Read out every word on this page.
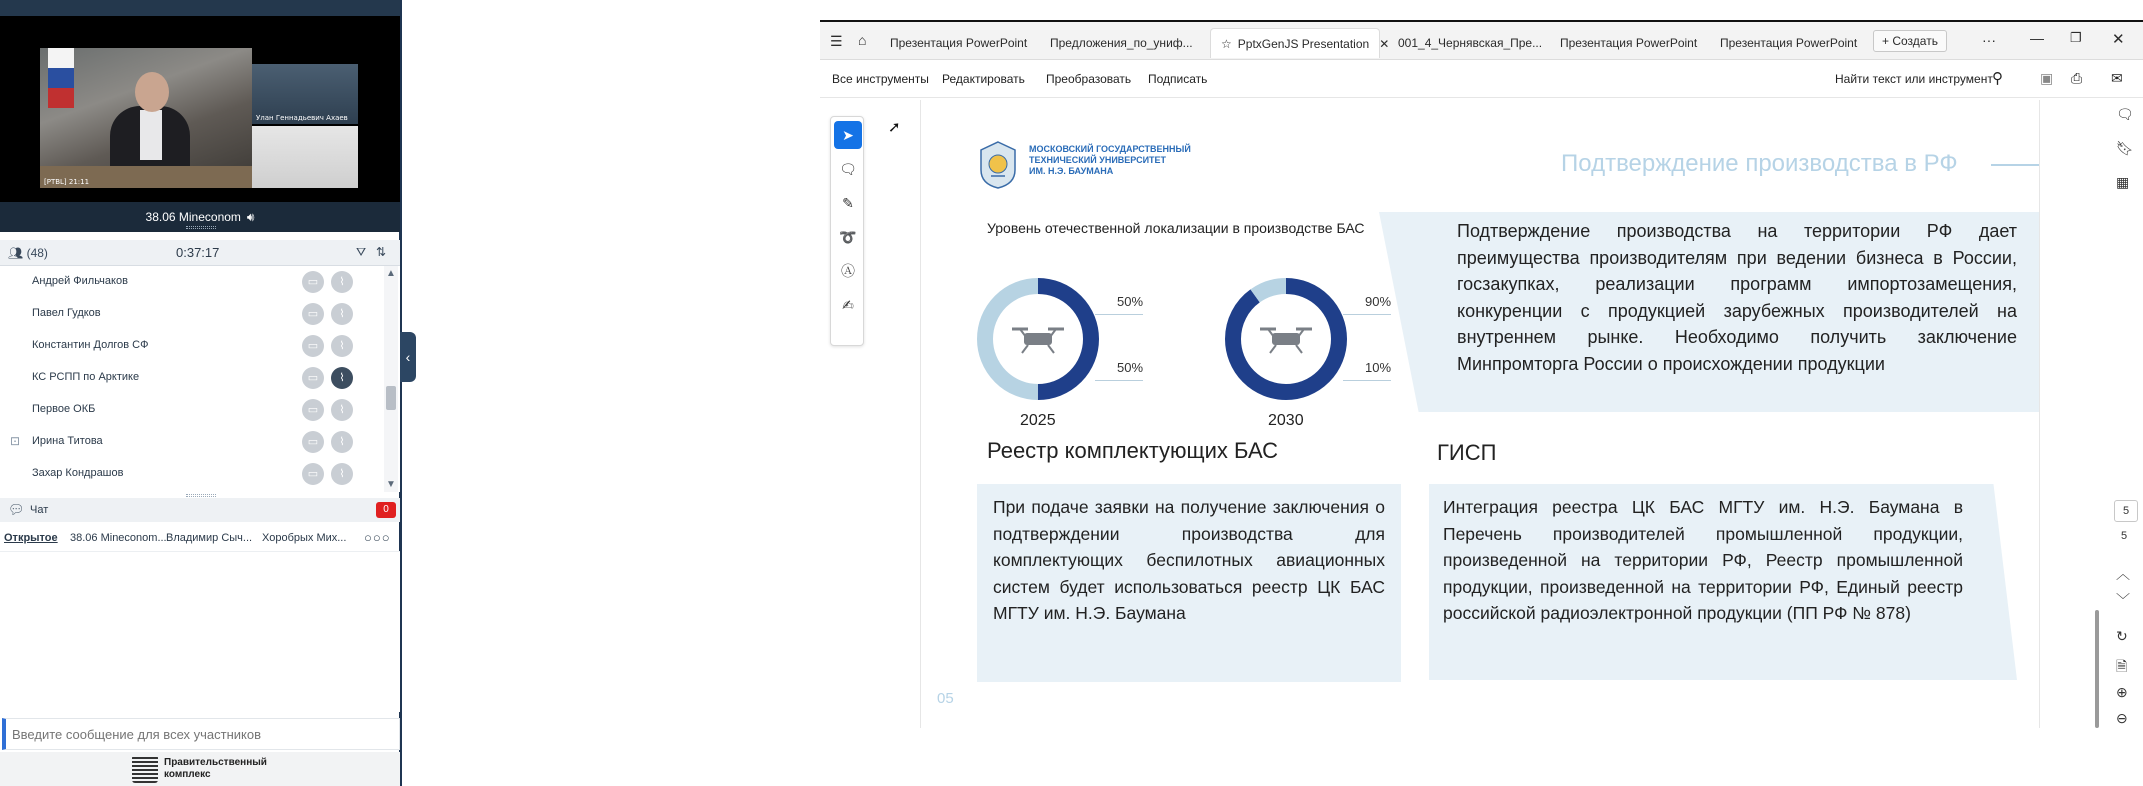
[PTBL] 21:11
Улан Геннадьевич Ахаев
38.06 Mineconom 🔊︎
👥︎ (48)	0:37:17	⛛ ⇅
Андрей Фильчаков	▭	⌇
Павел Гудков	▭	⌇
Константин Долгов СФ	▭	⌇
КС РСПП по Арктике	▭	⌇
Первое ОКБ	▭	⌇
⊡ Ирина Титова	▭	⌇
Захар Кондрашов	▭	⌇
▲
▼
💬︎ Чат	0
Открытое 38.06 Mineconom... Владимир Сыч... Хоробрых Мих... ○○○
Введите сообщение для всех участников
Правительственный
комплекс
‹
☰ ⌂	Презентация PowerPoint	Предложения_по_униф...	☆ PptxGenJS Presentation ✕ 001_4_Чернявская_Пре...	Презентация PowerPoint	Презентация PowerPoint	+ Создать	··· — ❐ ✕
Все инструменты Редактировать Преобразовать Подписать	Найти текст или инструмент ⚲	▣ ⎙ ✉
➤
🗨︎
✎
➰
Ⓐ
✍︎
➚
МОСКОВСКИЙ ГОСУДАРСТВЕННЫЙ
ТЕХНИЧЕСКИЙ УНИВЕРСИТЕТ
ИМ. Н.Э. БАУМАНА	Подтверждение производства в РФ
Уровень отечественной локализации в производстве БАС
50%
50%
2025
90%
10%
2030
Подтверждение производства на территории РФ дает преимущества производителям при ведении бизнеса в России, госзакупках, реализации программ импортозамещения, конкуренции с продукцией зарубежных производителей на внутреннем рынке. Необходимо получить заключение Минпромторга России о происхождении продукции
Реестр комплектующих БАС	ГИСП
При подаче заявки на получение заключения о подтверждении производства для комплектующих беспилотных авиационных систем будет использоваться реестр ЦК БАС МГТУ им. Н.Э. Баумана
Интеграция реестра ЦК БАС МГТУ им. Н.Э. Баумана в Перечень производителей промышленной продукции, произведенной на территории РФ, Реестр промышленной продукции, произведенной на территории РФ, Единый реестр российской радиоэлектронной продукции (ПП РФ № 878)
05
🗨︎
🔖︎
▦
5
5
︿
﹀
↻
🗎︎
⊕
⊖
